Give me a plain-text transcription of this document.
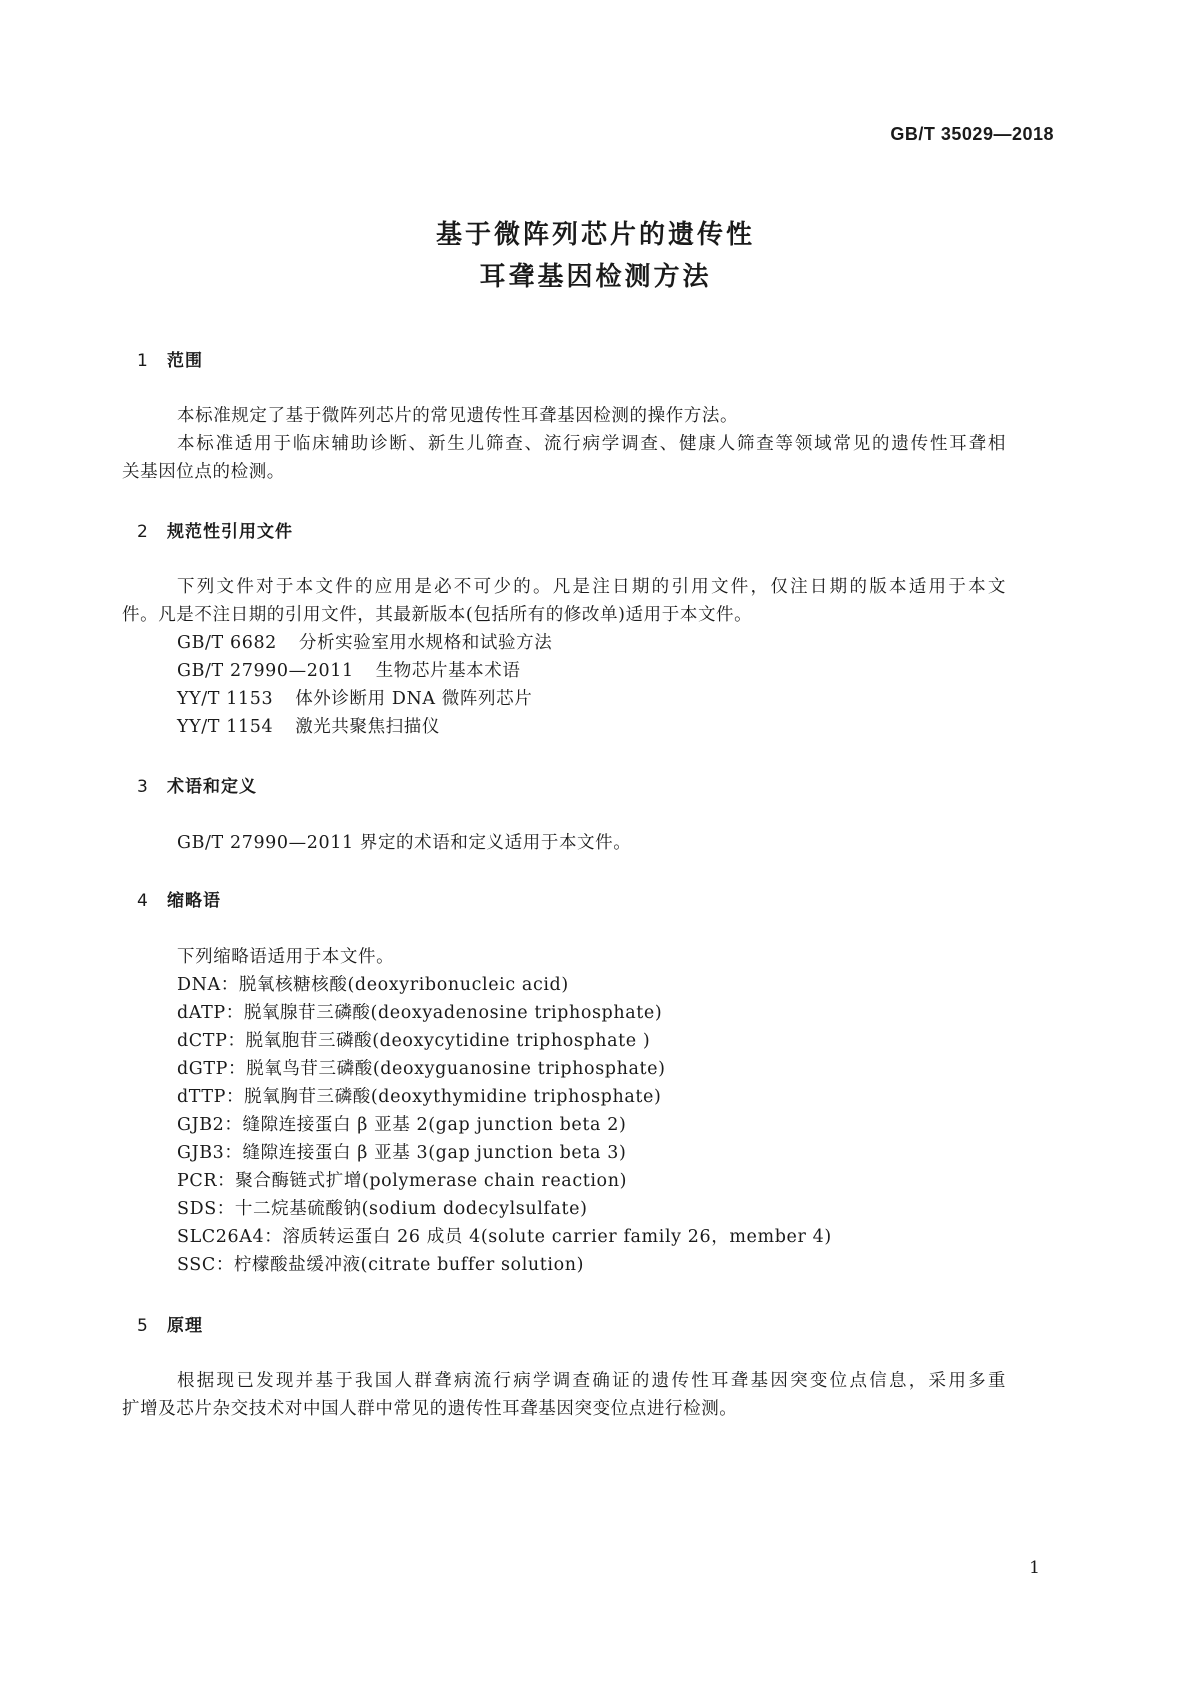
GB/T 35029—2018
基于微阵列芯片的遗传性
耳聋基因检测方法
1 范围
本标准规定了基于微阵列芯片的常见遗传性耳聋基因检测的操作方法。
本标准适用于临床辅助诊断、新生儿筛查、流行病学调查、健康人筛查等领域常见的遗传性耳聋相
关基因位点的检测。
2 规范性引用文件
下列文件对于本文件的应用是必不可少的。凡是注日期的引用文件，仅注日期的版本适用于本文
件。凡是不注日期的引用文件，其最新版本(包括所有的修改单)适用于本文件。
GB/T 6682 分析实验室用水规格和试验方法
GB/T 27990—2011 生物芯片基本术语
YY/T 1153 体外诊断用 DNA 微阵列芯片
YY/T 1154 激光共聚焦扫描仪
3 术语和定义
GB/T 27990—2011 界定的术语和定义适用于本文件。
4 缩略语
下列缩略语适用于本文件。
DNA：脱氧核糖核酸(deoxyribonucleic acid)
dATP：脱氧腺苷三磷酸(deoxyadenosine triphosphate)
dCTP：脱氧胞苷三磷酸(deoxycytidine triphosphate )
dGTP：脱氧鸟苷三磷酸(deoxyguanosine triphosphate)
dTTP：脱氧胸苷三磷酸(deoxythymidine triphosphate)
GJB2：缝隙连接蛋白 β 亚基 2(gap junction beta 2)
GJB3：缝隙连接蛋白 β 亚基 3(gap junction beta 3)
PCR：聚合酶链式扩增(polymerase chain reaction)
SDS：十二烷基硫酸钠(sodium dodecylsulfate)
SLC26A4：溶质转运蛋白 26 成员 4(solute carrier family 26，member 4)
SSC：柠檬酸盐缓冲液(citrate buffer solution)
5 原理
根据现已发现并基于我国人群聋病流行病学调查确证的遗传性耳聋基因突变位点信息，采用多重
扩增及芯片杂交技术对中国人群中常见的遗传性耳聋基因突变位点进行检测。
1
